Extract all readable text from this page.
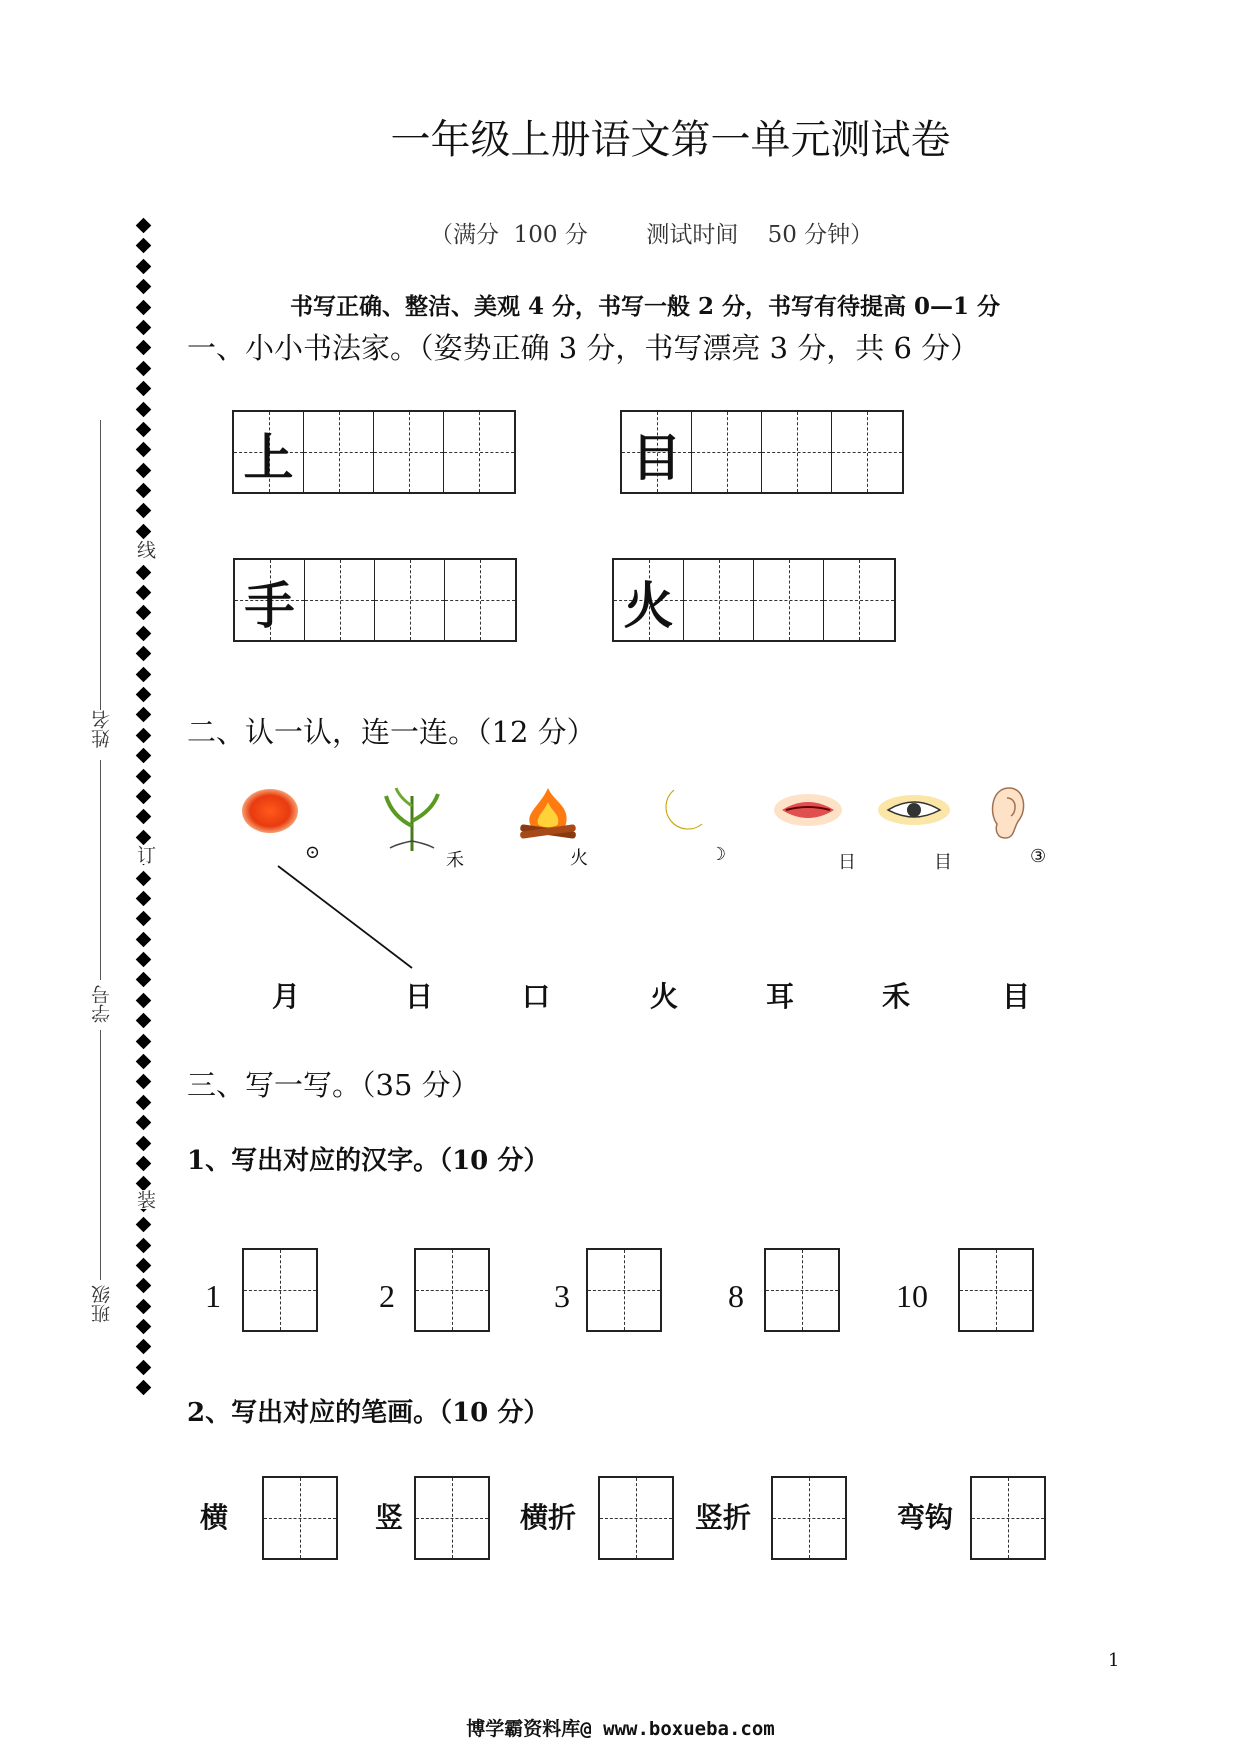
一年级上册语文第一单元测试卷
（满分  100 分        测试时间    50 分钟）
书写正确、整洁、美观 4 分，书写一般 2 分，书写有待提高 0—1 分
线
订
装
姓名
学号
班级
一、小小书法家。（姿势正确 3 分，书写漂亮 3 分，共 6 分）
上	目
手	火
二、认一认，连一连。（12 分）
⊙	禾	火	☽	日	目	③
月	日	口	火	耳	禾	目
三、写一写。（35 分）
1、写出对应的汉字。（10 分）
1	2	3	8	10
2、写出对应的笔画。（10 分）
横	竖	横折	竖折	弯钩
1
博学霸资料库@ www.boxueba.com
